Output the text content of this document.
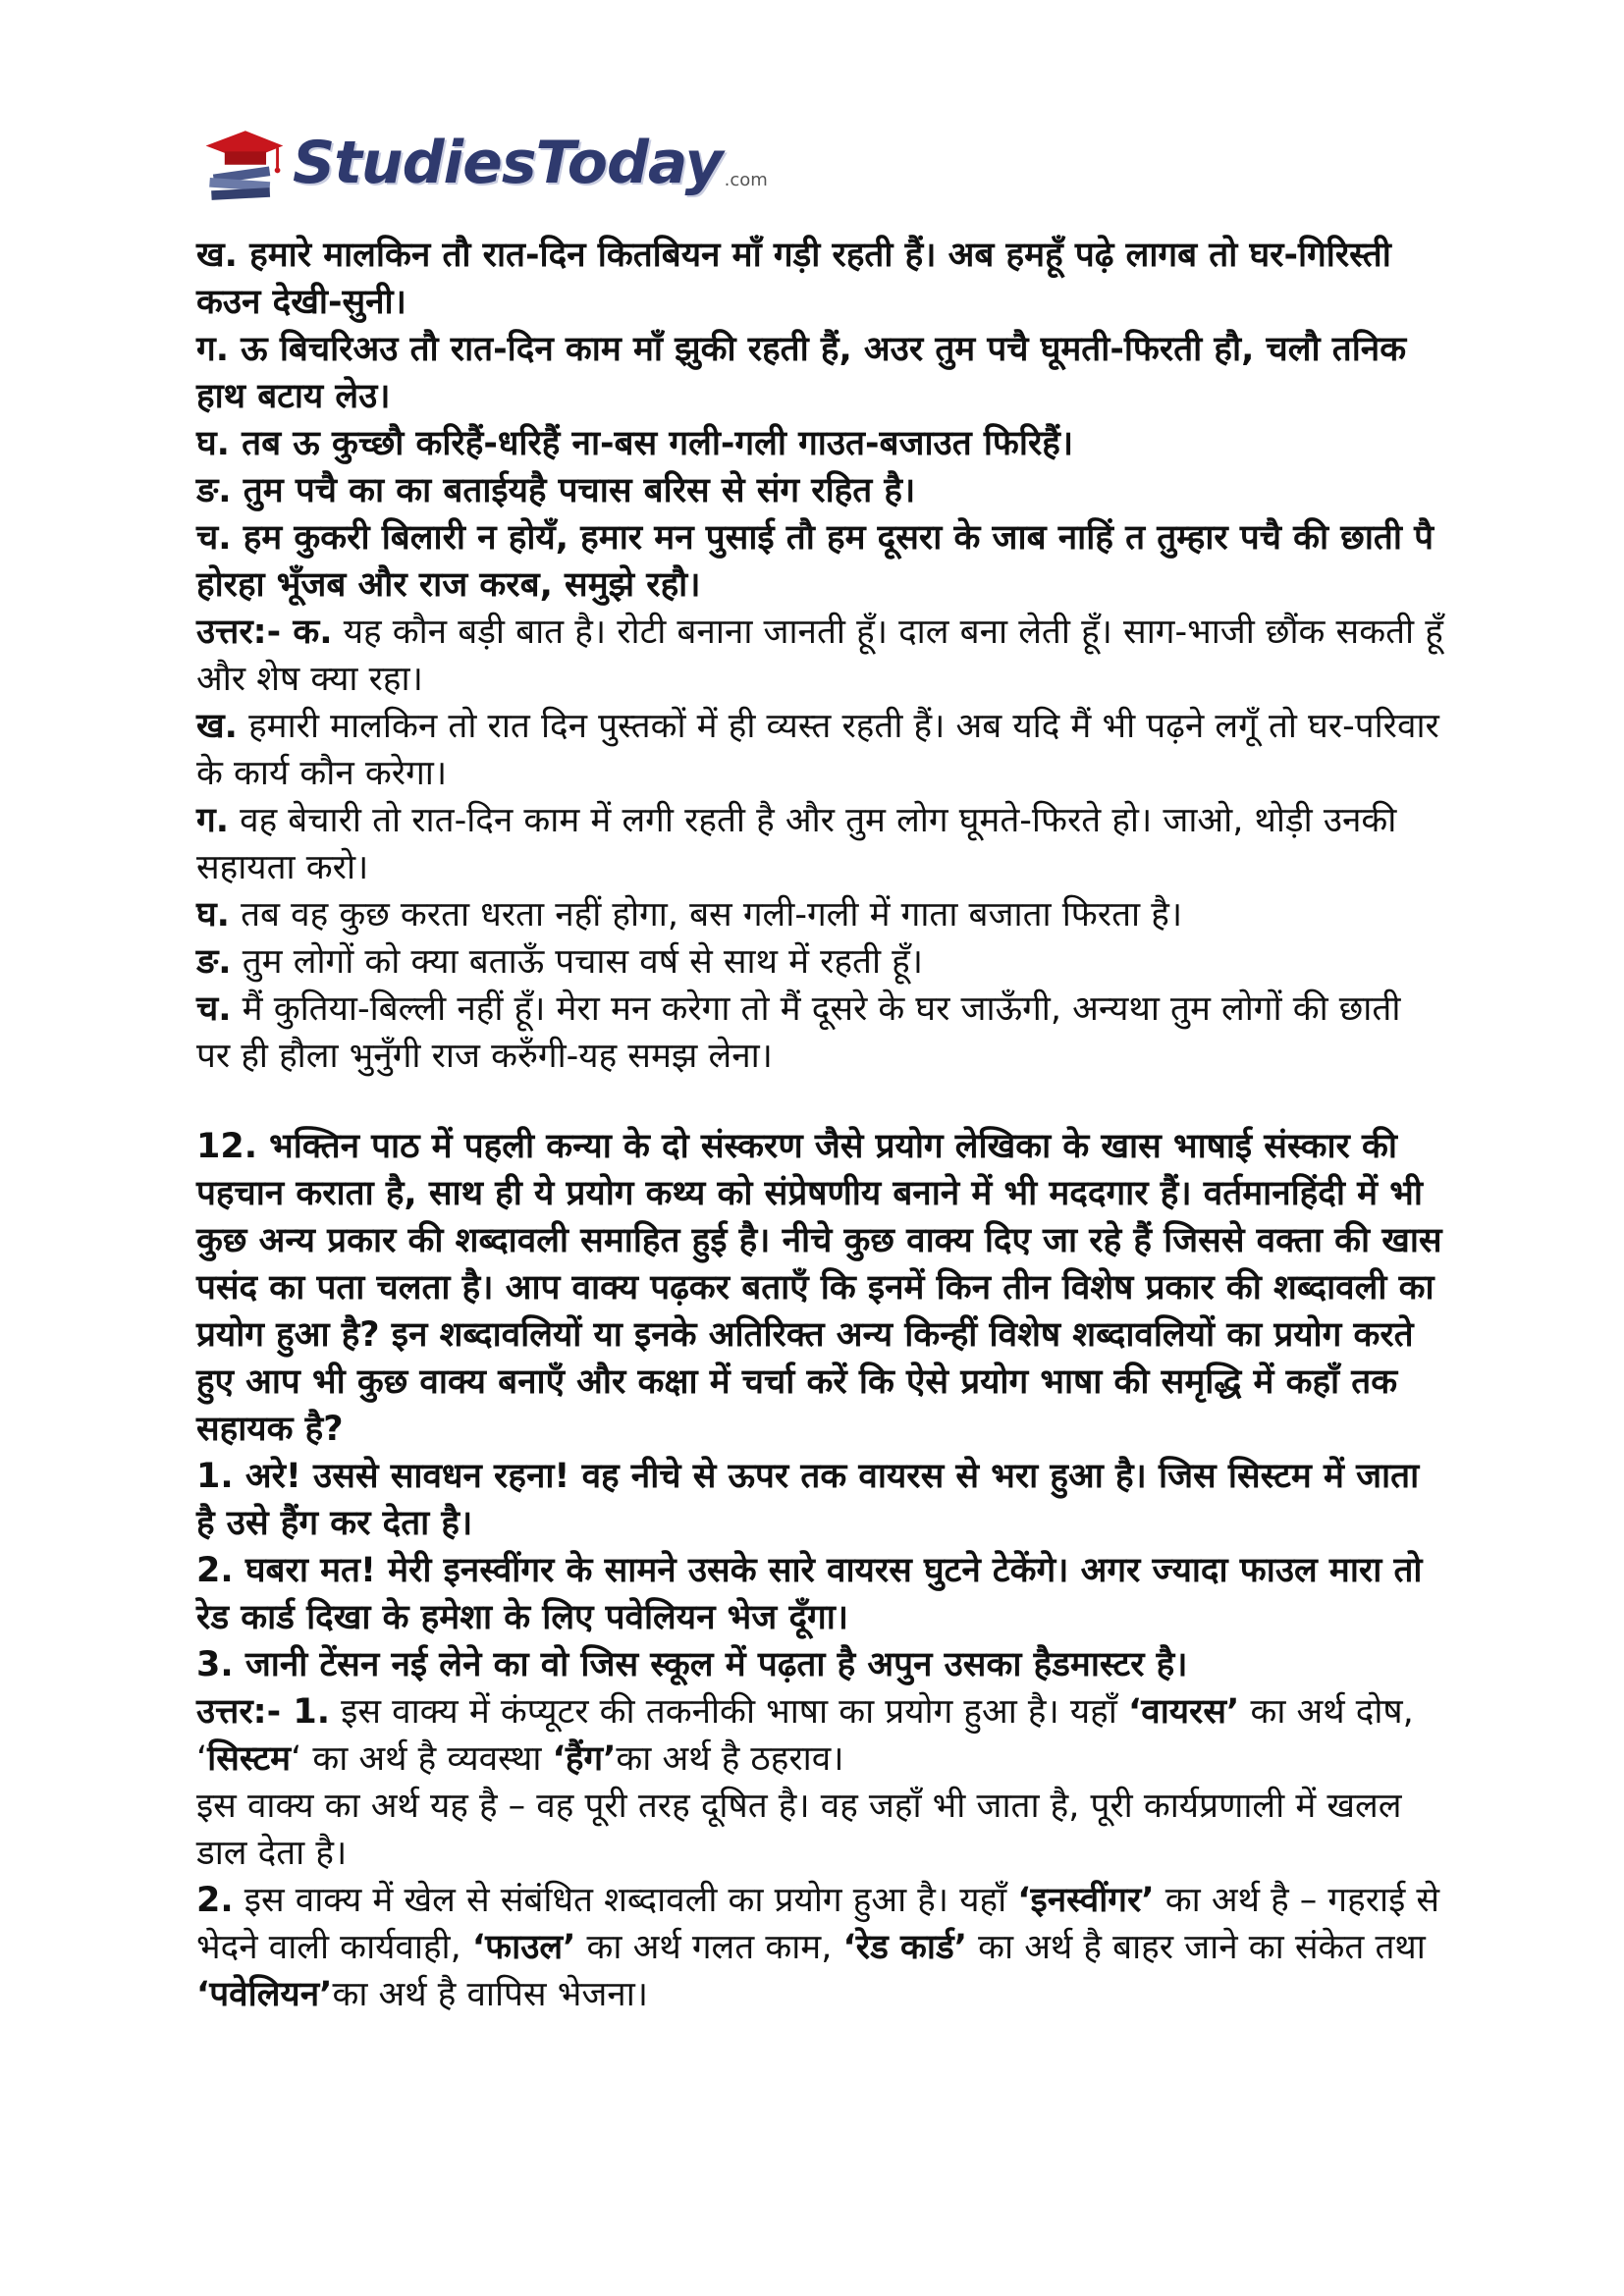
StudiesToday .com

ख. हमारे मालकिन तौ रात-दिन कितबियन माँ गड़ी रहती हैं। अब हमहूँ पढ़े लागब तो घर-गिरिस्ती कउन देखी-सुनी।

ग. ऊ बिचरिअउ तौ रात-दिन काम माँ झुकी रहती हैं, अउर तुम पचै घूमती-फिरती हौ, चलौ तनिक हाथ बटाय लेउ।

घ. तब ऊ कुच्छौ करिहैं-धरिहैं ना-बस गली-गली गाउत-बजाउत फिरिहैं।

ङ. तुम पचै का का बताईयहै पचास बरिस से संग रहित है।

च. हम कुकरी बिलारी न होयँ, हमार मन पुसाई तौ हम दूसरा के जाब नाहिं त तुम्हार पचै की छाती पै होरहा भूँजब और राज करब, समुझे रहौ।

उत्तर:- क. यह कौन बड़ी बात है। रोटी बनाना जानती हूँ। दाल बना लेती हूँ। साग-भाजी छौंक सकती हूँ और शेष क्या रहा।

ख. हमारी मालकिन तो रात दिन पुस्तकों में ही व्यस्त रहती हैं। अब यदि मैं भी पढ़ने लगूँ तो घर-परिवार के कार्य कौन करेगा।

ग. वह बेचारी तो रात-दिन काम में लगी रहती है और तुम लोग घूमते-फिरते हो। जाओ, थोड़ी उनकी सहायता करो।

घ. तब वह कुछ करता धरता नहीं होगा, बस गली-गली में गाता बजाता फिरता है।

ङ. तुम लोगों को क्या बताऊँ पचास वर्ष से साथ में रहती हूँ।

च. मैं कुतिया-बिल्ली नहीं हूँ। मेरा मन करेगा तो मैं दूसरे के घर जाऊँगी, अन्यथा तुम लोगों की छाती पर ही हौला भुनुँगी राज करुँगी-यह समझ लेना।

12. भक्तिन पाठ में पहली कन्या के दो संस्करण जैसे प्रयोग लेखिका के खास भाषाई संस्कार की पहचान कराता है, साथ ही ये प्रयोग कथ्य को संप्रेषणीय बनाने में भी मददगार हैं। वर्तमानहिंदी में भी कुछ अन्य प्रकार की शब्दावली समाहित हुई है। नीचे कुछ वाक्य दिए जा रहे हैं जिससे वक्ता की खास पसंद का पता चलता है। आप वाक्य पढ़कर बताएँ कि इनमें किन तीन विशेष प्रकार की शब्दावली का प्रयोग हुआ है? इन शब्दावलियों या इनके अतिरिक्त अन्य किन्हीं विशेष शब्दावलियों का प्रयोग करते हुए आप भी कुछ वाक्य बनाएँ और कक्षा में चर्चा करें कि ऐसे प्रयोग भाषा की समृद्धि में कहाँ तक सहायक है?

1. अरे! उससे सावधन रहना! वह नीचे से ऊपर तक वायरस से भरा हुआ है। जिस सिस्टम में जाता है उसे हैंग कर देता है।

2. घबरा मत! मेरी इनस्वींगर के सामने उसके सारे वायरस घुटने टेकेंगे। अगर ज्यादा फाउल मारा तो रेड कार्ड दिखा के हमेशा के लिए पवेलियन भेज दूँगा।

3. जानी टेंसन नई लेने का वो जिस स्कूल में पढ़ता है अपुन उसका हैडमास्टर है।

उत्तर:- 1. इस वाक्य में कंप्यूटर की तकनीकी भाषा का प्रयोग हुआ है। यहाँ ‘वायरस’ का अर्थ दोष, ‘सिस्टम‘ का अर्थ है व्यवस्था ‘हैंग’का अर्थ है ठहराव।

इस वाक्य का अर्थ यह है – वह पूरी तरह दूषित है। वह जहाँ भी जाता है, पूरी कार्यप्रणाली में खलल डाल देता है।

2. इस वाक्य में खेल से संबंधित शब्दावली का प्रयोग हुआ है। यहाँ ‘इनस्वींगर’ का अर्थ है – गहराई से भेदने वाली कार्यवाही, ‘फाउल’ का अर्थ गलत काम, ‘रेड कार्ड’ का अर्थ है बाहर जाने का संकेत तथा ‘पवेलियन’का अर्थ है वापिस भेजना।
